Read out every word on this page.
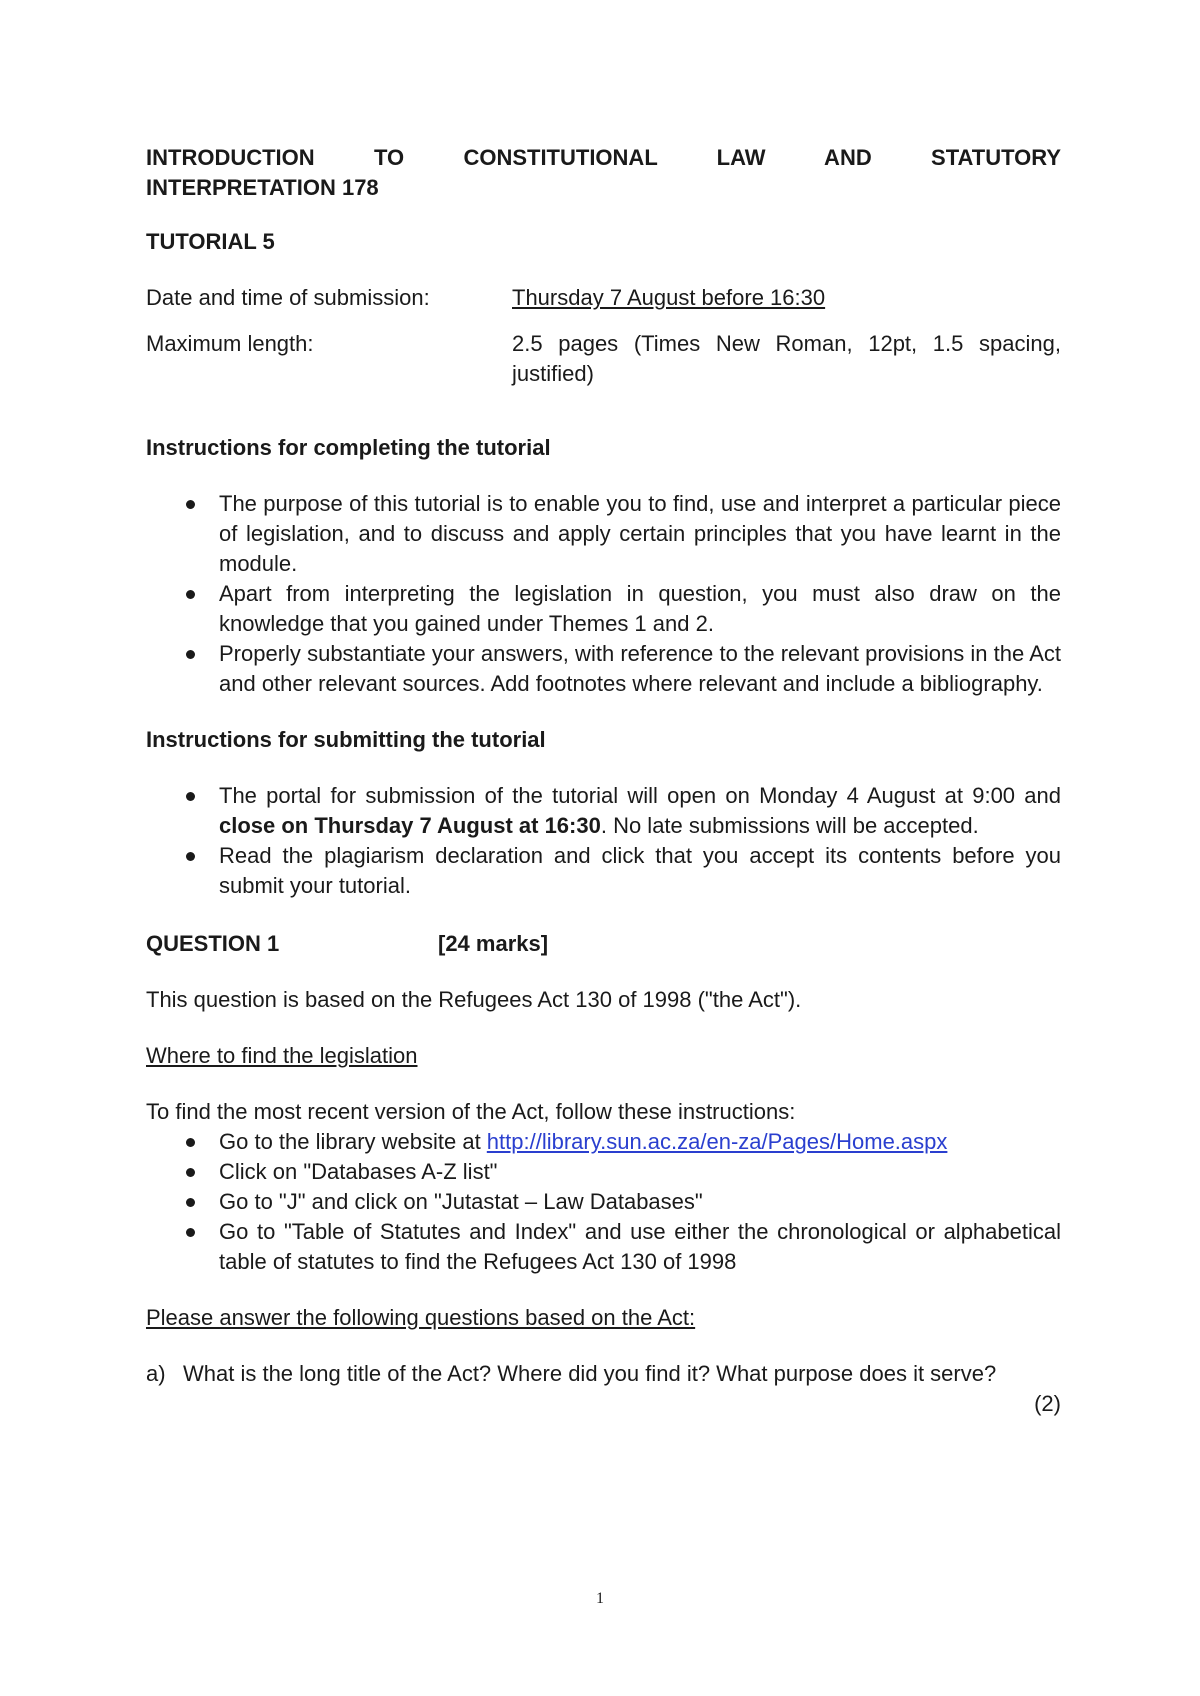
INTRODUCTION TO CONSTITUTIONAL LAW AND STATUTORY

INTERPRETATION 178

TUTORIAL 5

Date and time of submission:	Thursday 7 August before 16:30
Maximum length:	2.5 pages (Times New Roman, 12pt, 1.5 spacing, justified)

Instructions for completing the tutorial

The purpose of this tutorial is to enable you to find, use and interpret a particular piece of legislation, and to discuss and apply certain principles that you have learnt in the module.
Apart from interpreting the legislation in question, you must also draw on the knowledge that you gained under Themes 1 and 2.
Properly substantiate your answers, with reference to the relevant provisions in the Act and other relevant sources. Add footnotes where relevant and include a bibliography.

Instructions for submitting the tutorial

The portal for submission of the tutorial will open on Monday 4 August at 9:00 and close on Thursday 7 August at 16:30. No late submissions will be accepted.
Read the plagiarism declaration and click that you accept its contents before you submit your tutorial.
QUESTION 1	[24 marks]

This question is based on the Refugees Act 130 of 1998 ("the Act").

Where to find the legislation

To find the most recent version of the Act, follow these instructions:

Go to the library website at http://library.sun.ac.za/en-za/Pages/Home.aspx
Click on "Databases A-Z list"
Go to "J" and click on "Jutastat – Law Databases"
Go to "Table of Statutes and Index" and use either the chronological or alphabetical table of statutes to find the Refugees Act 130 of 1998

Please answer the following questions based on the Act:

a) What is the long title of the Act? Where did you find it? What purpose does it serve?

(2)

1
